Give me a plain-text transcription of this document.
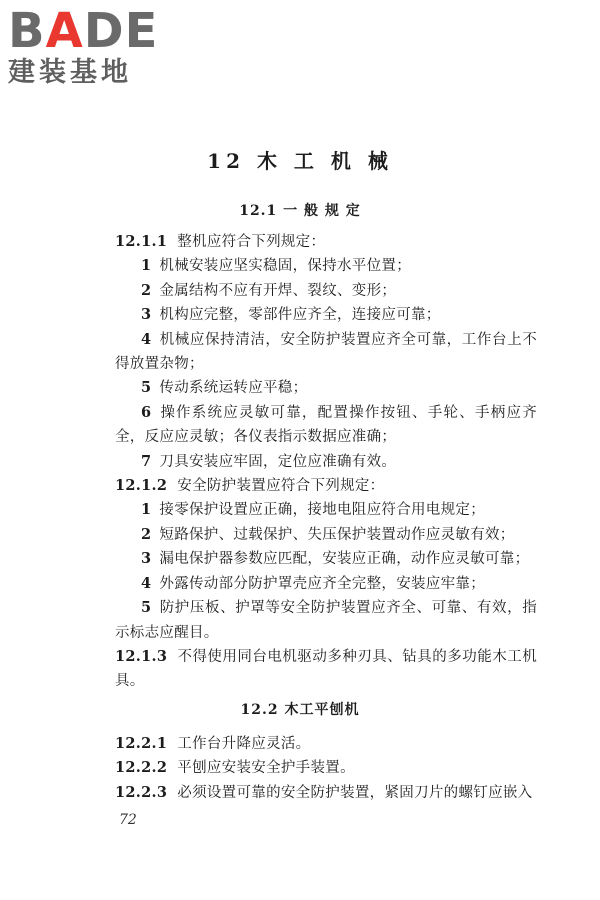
BADE
建装基地
12 木 工 机 械
12.1 一 般 规 定

12.1.1 整机应符合下列规定：

1 机械安装应坚实稳固，保持水平位置；

2 金属结构不应有开焊、裂纹、变形；

3 机构应完整，零部件应齐全，连接应可靠；

4 机械应保持清洁，安全防护装置应齐全可靠，工作台上不得放置杂物；

5 传动系统运转应平稳；

6 操作系统应灵敏可靠，配置操作按钮、手轮、手柄应齐全，反应应灵敏；各仪表指示数据应准确；

7 刀具安装应牢固，定位应准确有效。

12.1.2 安全防护装置应符合下列规定：

1 接零保护设置应正确，接地电阻应符合用电规定；

2 短路保护、过载保护、失压保护装置动作应灵敏有效；

3 漏电保护器参数应匹配，安装应正确，动作应灵敏可靠；

4 外露传动部分防护罩壳应齐全完整，安装应牢靠；

5 防护压板、护罩等安全防护装置应齐全、可靠、有效，指示标志应醒目。

12.1.3 不得使用同台电机驱动多种刃具、钻具的多功能木工机具。

12.2 木工平刨机

12.2.1 工作台升降应灵活。

12.2.2 平刨应安装安全护手装置。

12.2.3 必须设置可靠的安全防护装置，紧固刀片的螺钉应嵌入

72
